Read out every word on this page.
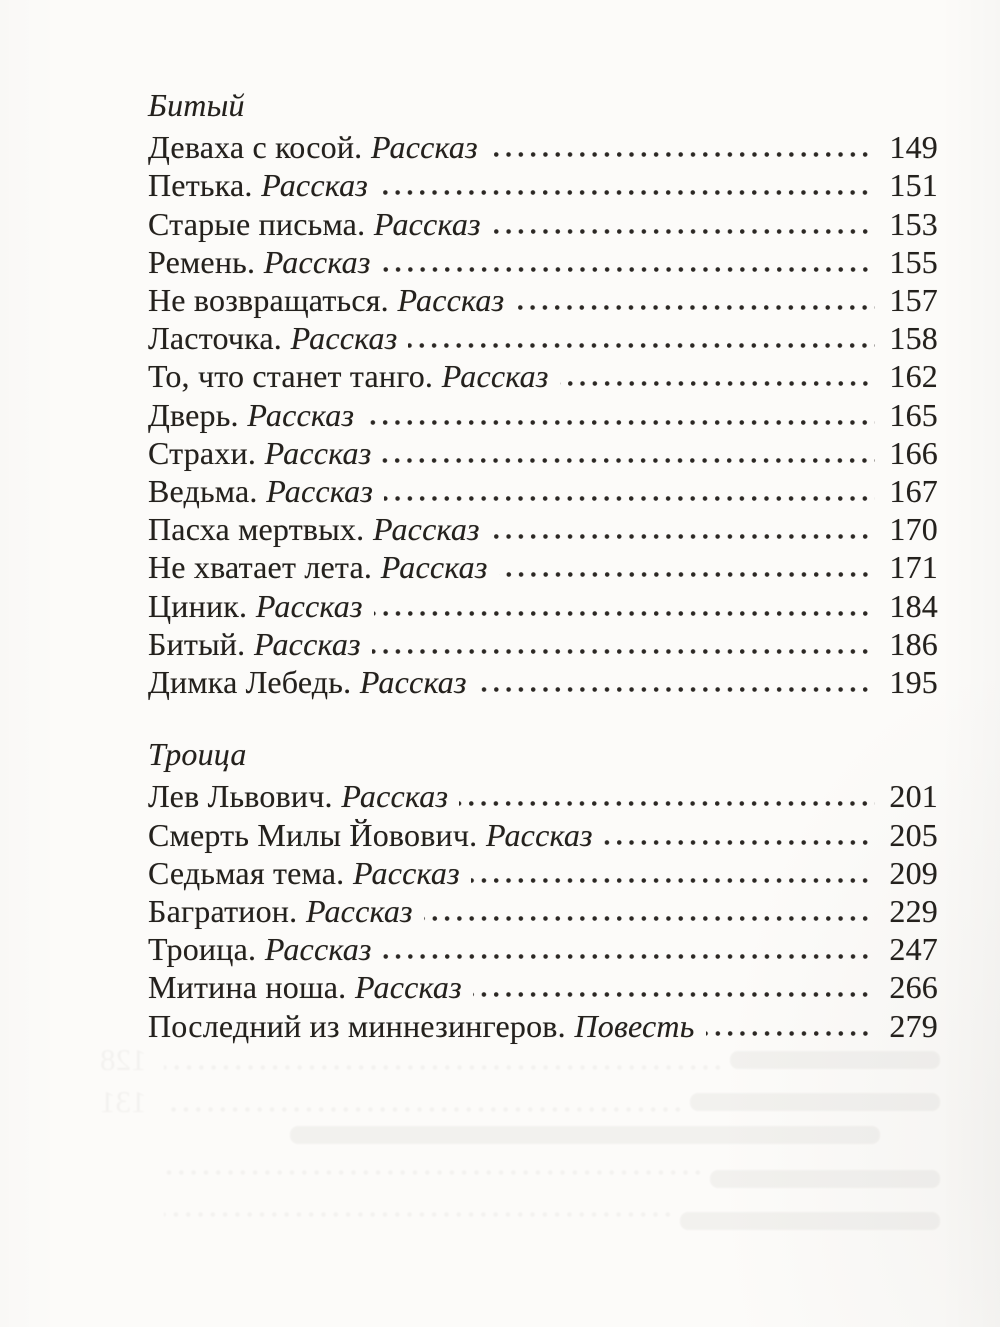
Битый
Деваха с косой. Рассказ	149
Петька. Рассказ	151
Старые письма. Рассказ	153
Ремень. Рассказ	155
Не возвращаться. Рассказ	157
Ласточка. Рассказ	158
То, что станет танго. Рассказ	162
Дверь. Рассказ	165
Страхи. Рассказ	166
Ведьма. Рассказ	167
Пасха мертвых. Рассказ	170
Не хватает лета. Рассказ	171
Циник. Рассказ	184
Битый. Рассказ	186
Димка Лебедь. Рассказ	195
Троица
Лев Львович. Рассказ	201
Смерть Милы Йовович. Рассказ	205
Седьмая тема. Рассказ	209
Багратион. Рассказ	229
Троица. Рассказ	247
Митина ноша. Рассказ	266
Последний из миннезингеров. Повесть	279
128
131
